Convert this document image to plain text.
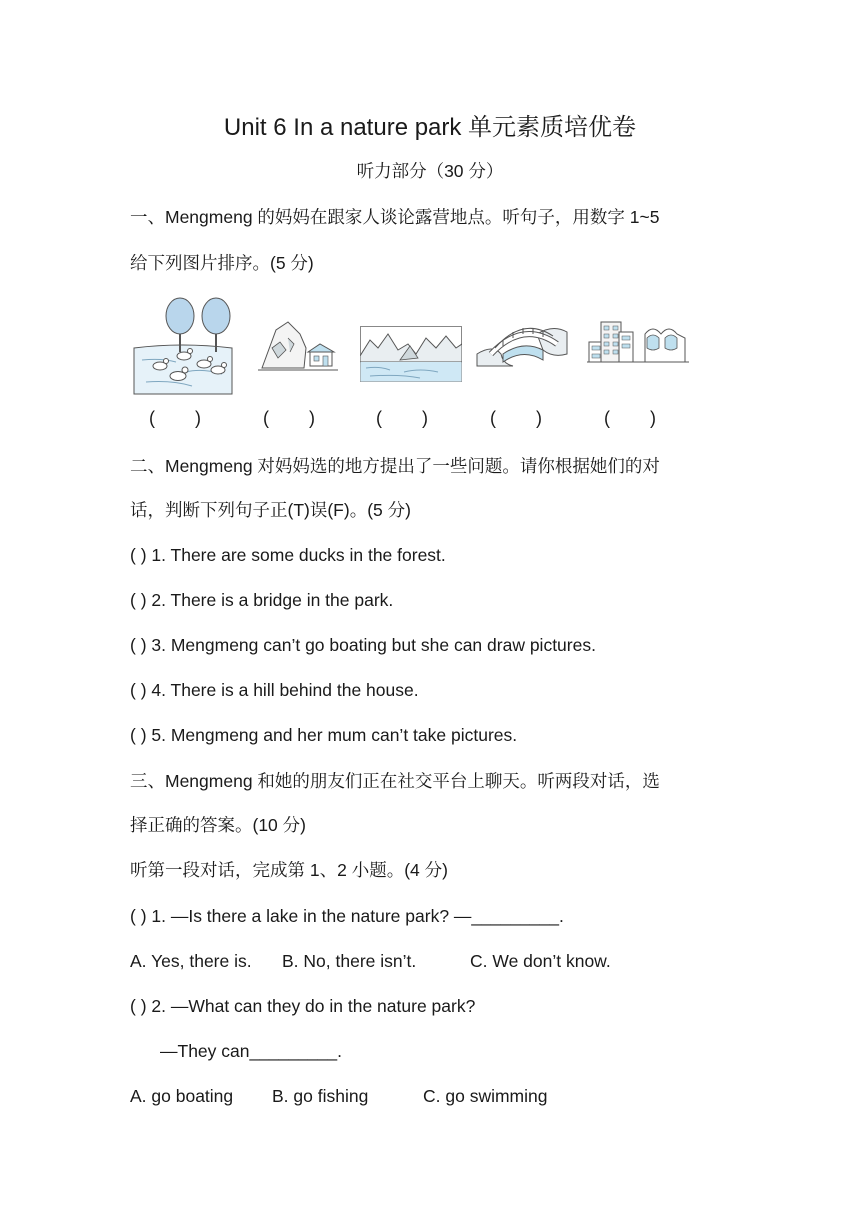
Unit 6 In a nature park 单元素质培优卷
听力部分（30 分）
一、Mengmeng 的妈妈在跟家人谈论露营地点。听句子，用数字 1~5
给下列图片排序。(5 分)
(        )	(        )	(        )	(        )	(        )
二、Mengmeng 对妈妈选的地方提出了一些问题。请你根据她们的对
话，判断下列句子正(T)误(F)。(5 分)
( ) 1. There are some ducks in the forest.
( ) 2. There is a bridge in the park.
( ) 3. Mengmeng can’t go boating but she can draw pictures.
( ) 4. There is a hill behind the house.
( ) 5. Mengmeng and her mum can’t take pictures.
三、Mengmeng 和她的朋友们正在社交平台上聊天。听两段对话，选
择正确的答案。(10 分)
听第一段对话，完成第 1、2 小题。(4 分)
( ) 1. —Is there a lake in the nature park? —_________.
A. Yes, there is. B. No, there isn’t.	C. We don’t know.
( ) 2. —What can they do in the nature park?
—They can_________.
A. go boating B. go fishing	C. go swimming
